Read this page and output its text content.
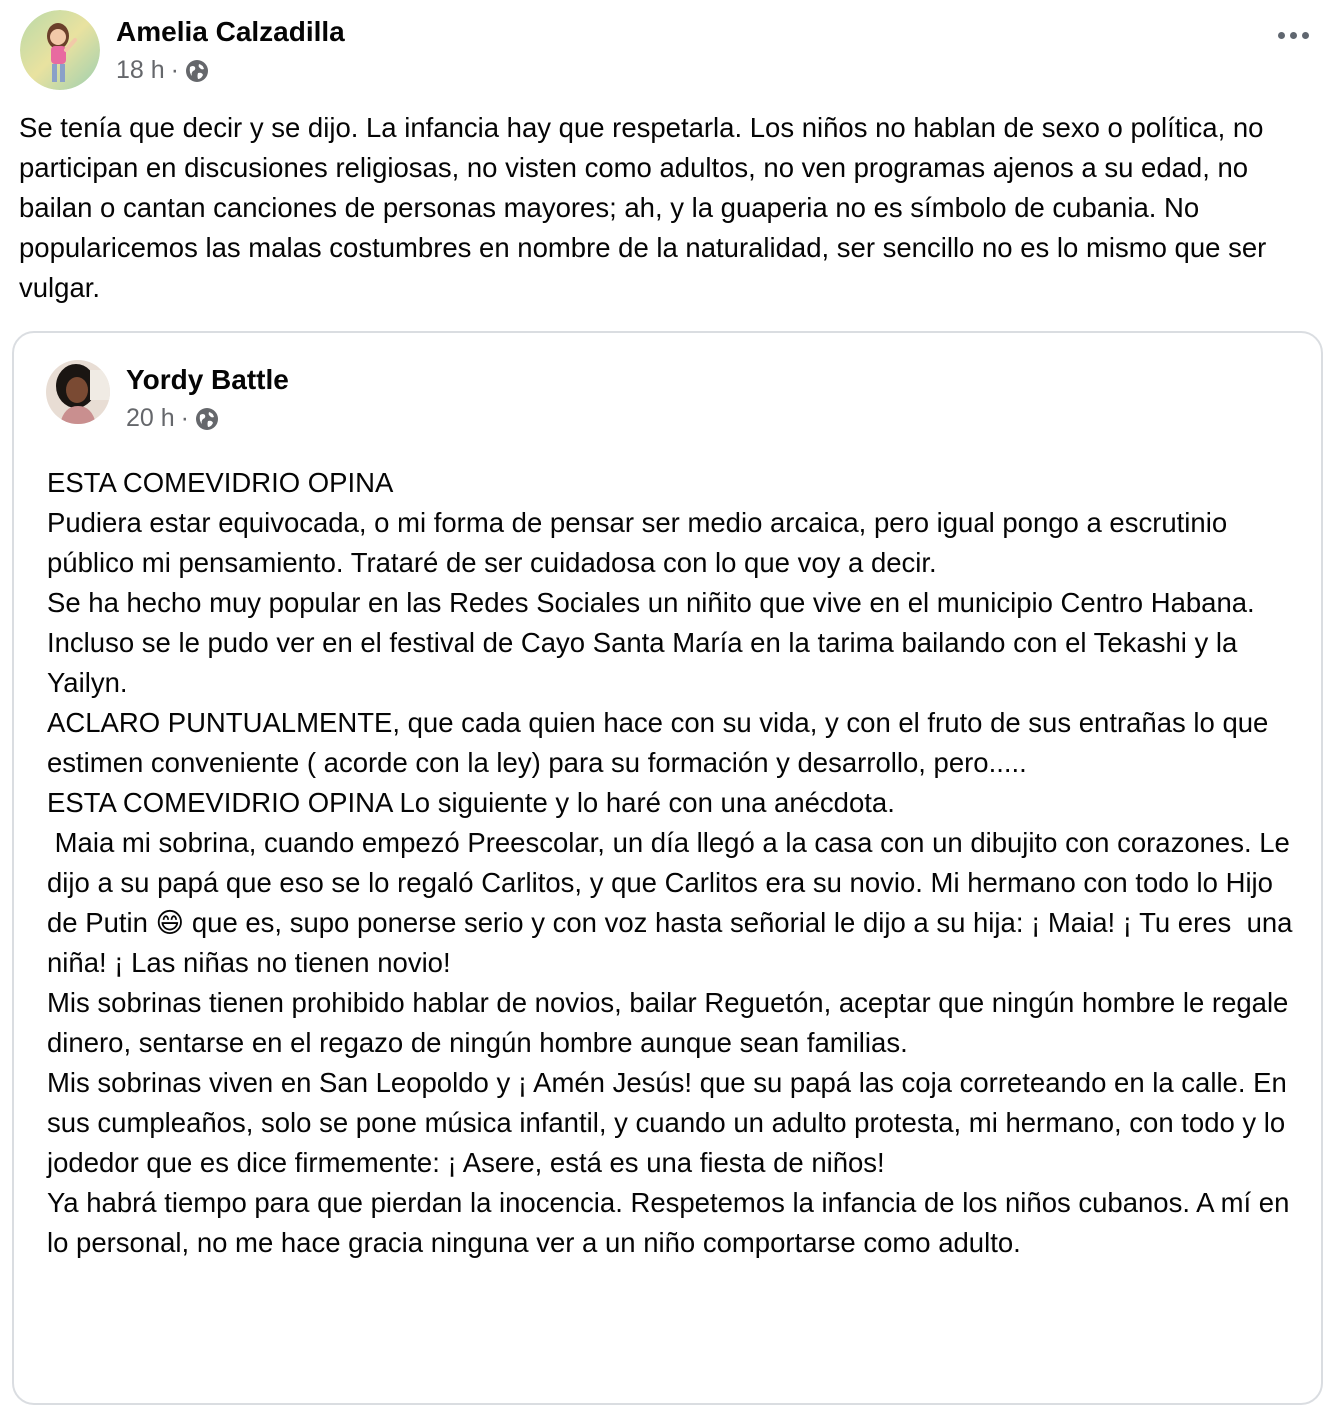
Amelia Calzadilla
18 h ·
Se tenía que decir y se dijo. La infancia hay que respetarla. Los niños no hablan de sexo o política, no participan en discusiones religiosas, no visten como adultos, no ven programas ajenos a su edad, no bailan o cantan canciones de personas mayores; ah, y la guaperia no es símbolo de cubania. No popularicemos las malas costumbres en nombre de la naturalidad, ser sencillo no es lo mismo que ser vulgar.
Yordy Battle
20 h ·

ESTA COMEVIDRIO OPINA

Pudiera estar equivocada, o mi forma de pensar ser medio arcaica, pero igual pongo a escrutinio público mi pensamiento. Trataré de ser cuidadosa con lo que voy a decir.

Se ha hecho muy popular en las Redes Sociales un niñito que vive en el municipio Centro Habana. Incluso se le pudo ver en el festival de Cayo Santa María en la tarima bailando con el Tekashi y la Yailyn.

ACLARO PUNTUALMENTE, que cada quien hace con su vida, y con el fruto de sus entrañas lo que estimen conveniente ( acorde con la ley) para su formación y desarrollo, pero.....

ESTA COMEVIDRIO OPINA Lo siguiente y lo haré con una anécdota.

Maia mi sobrina, cuando empezó Preescolar, un día llegó a la casa con un dibujito con corazones. Le dijo a su papá que eso se lo regaló Carlitos, y que Carlitos era su novio. Mi hermano con todo lo Hijo de Putin 😄 que es, supo ponerse serio y con voz hasta señorial le dijo a su hija: ¡ Maia! ¡ Tu eres  una niña! ¡ Las niñas no tienen novio!

Mis sobrinas tienen prohibido hablar de novios, bailar Reguetón, aceptar que ningún hombre le regale dinero, sentarse en el regazo de ningún hombre aunque sean familias.

Mis sobrinas viven en San Leopoldo y ¡ Amén Jesús! que su papá las coja correteando en la calle. En sus cumpleaños, solo se pone música infantil, y cuando un adulto protesta, mi hermano, con todo y lo jodedor que es dice firmemente: ¡ Asere, está es una fiesta de niños!

Ya habrá tiempo para que pierdan la inocencia. Respetemos la infancia de los niños cubanos. A mí en lo personal, no me hace gracia ninguna ver a un niño comportarse como adulto.
